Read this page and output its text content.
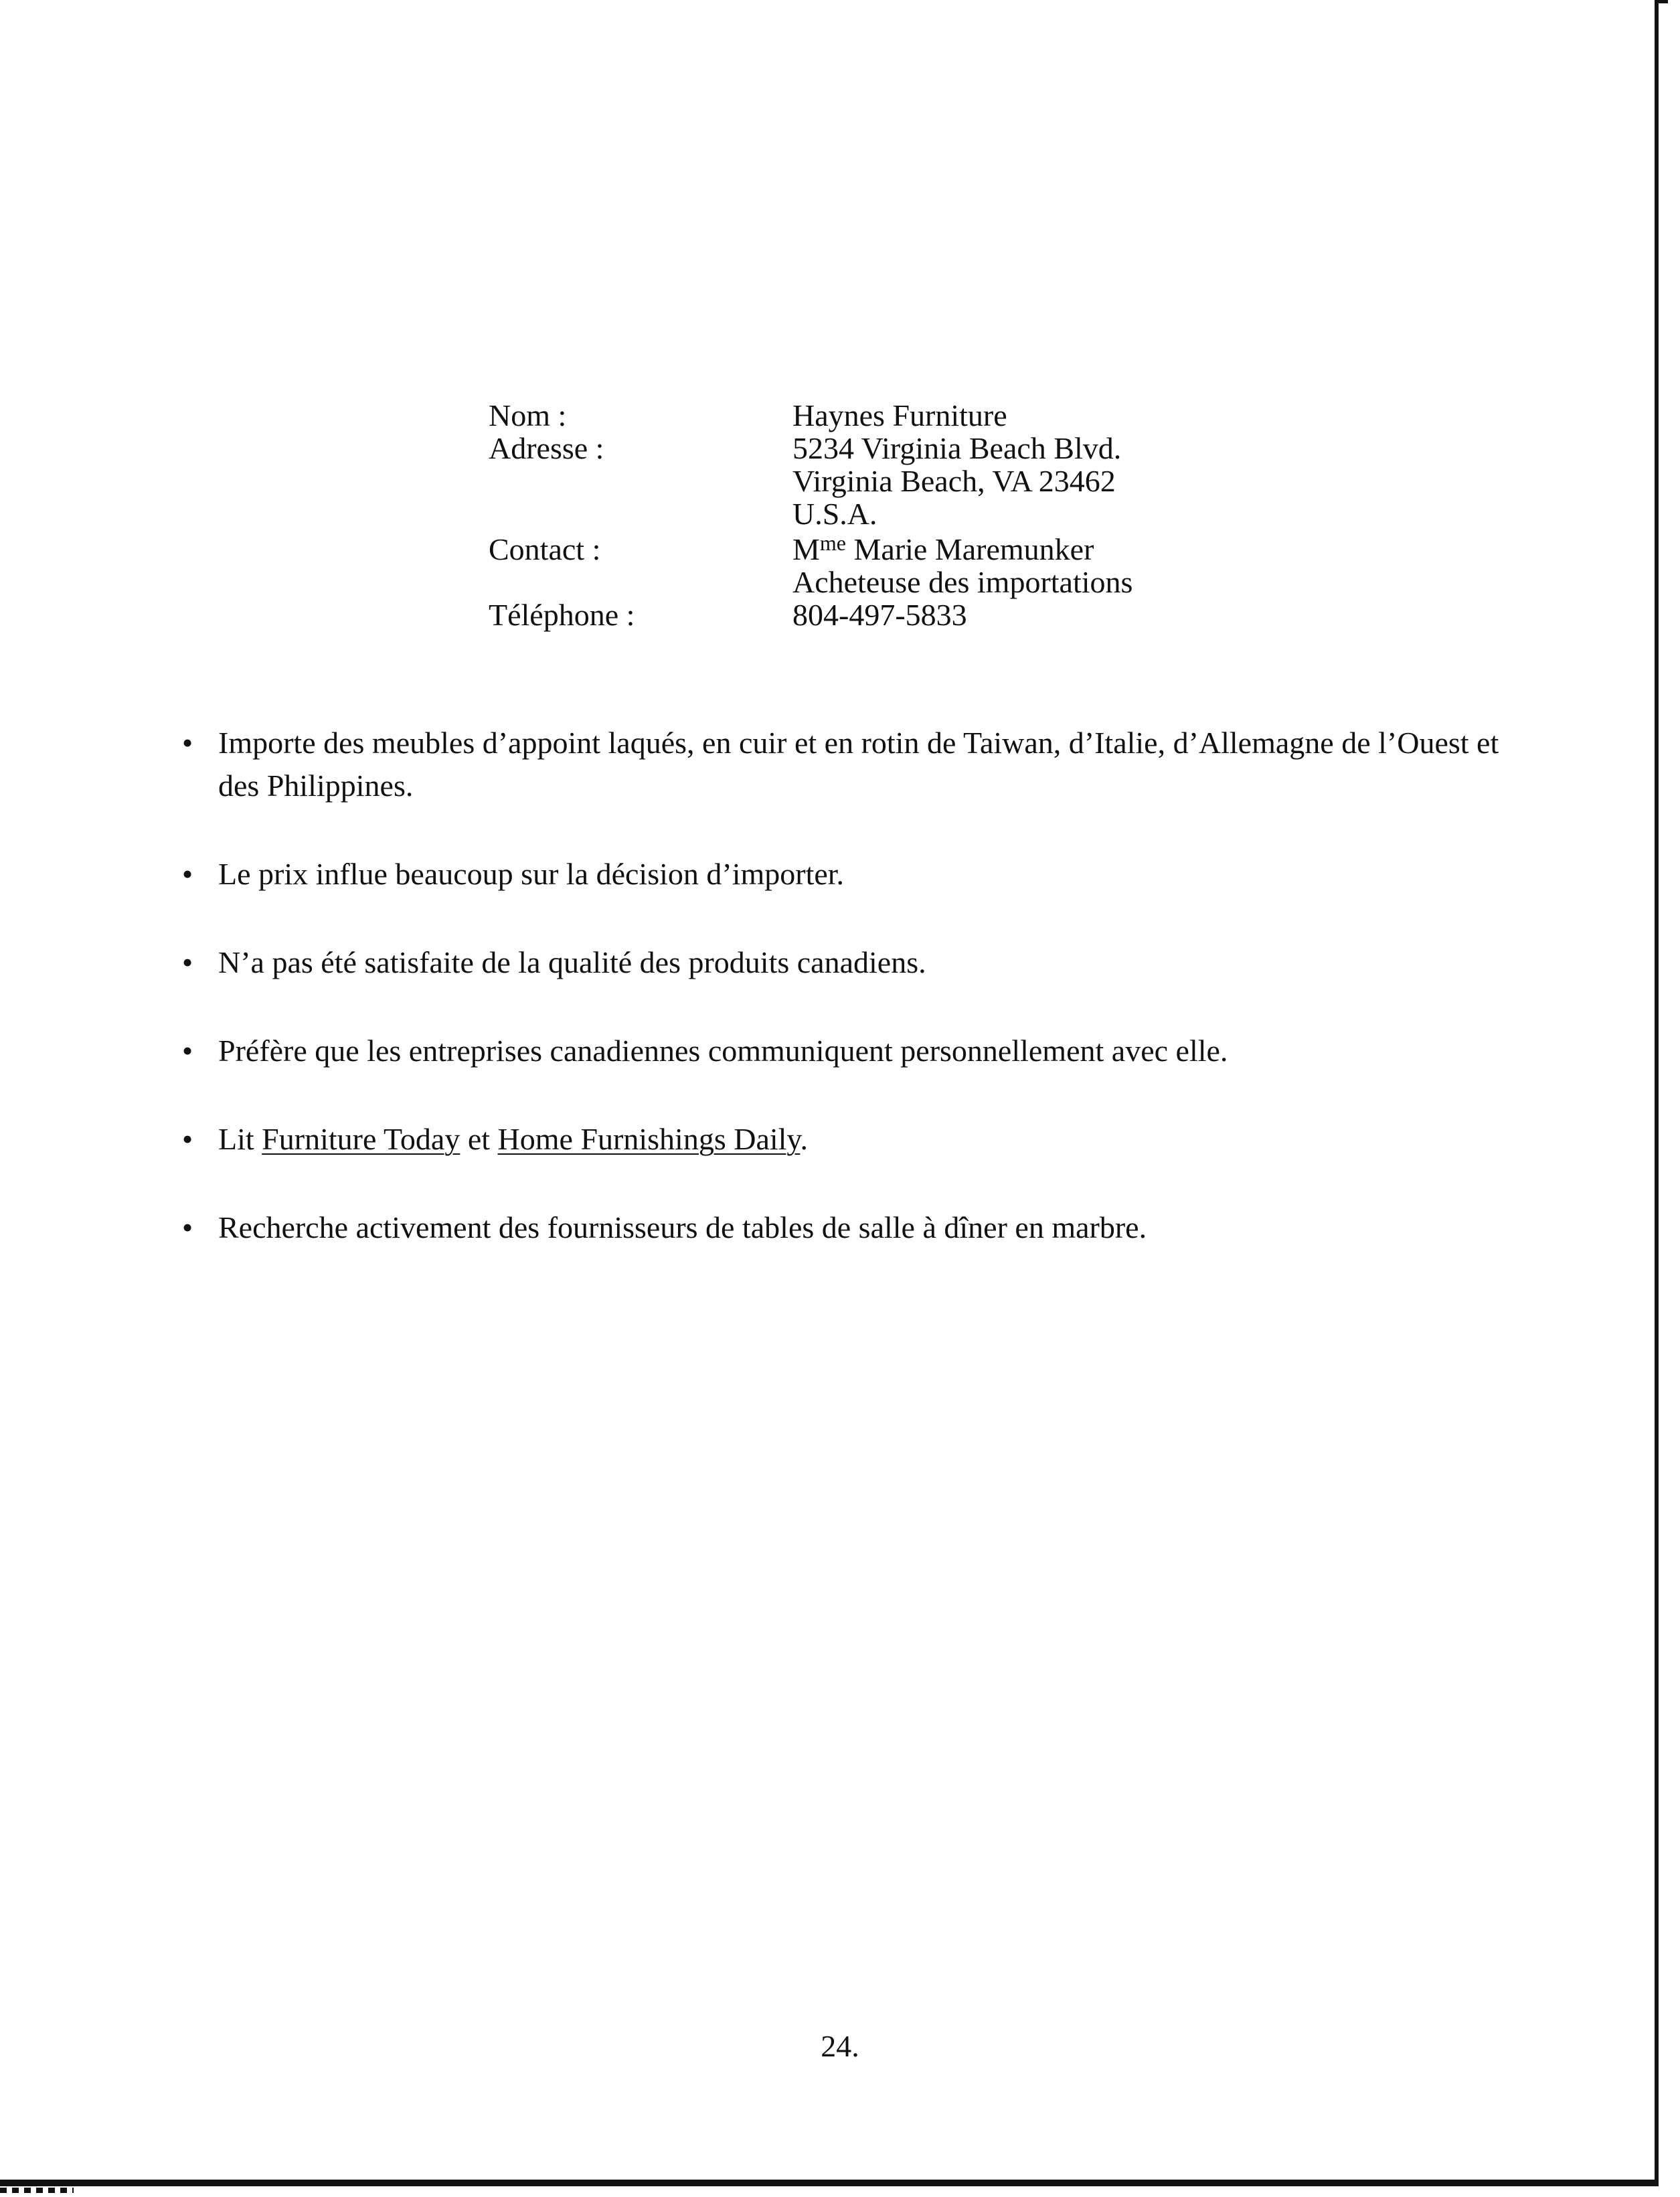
Nom :	Haynes Furniture
Adresse :	5234 Virginia Beach Blvd.
Virginia Beach, VA 23462
U.S.A.
Contact :	$M^{me}$ Marie Maremunker
Acheteuse des importations
Téléphone :	804-497-5833
• Importe des meubles d’appoint laqués, en cuir et en rotin de Taiwan, d’Italie, d’Allemagne de l’Ouest et des Philippines.
• Le prix influe beaucoup sur la décision d’importer.
• N’a pas été satisfaite de la qualité des produits canadiens.
• Préfère que les entreprises canadiennes communiquent personnellement avec elle.
• Lit Furniture Today et Home Furnishings Daily.
• Recherche activement des fournisseurs de tables de salle à dîner en marbre.
24.
